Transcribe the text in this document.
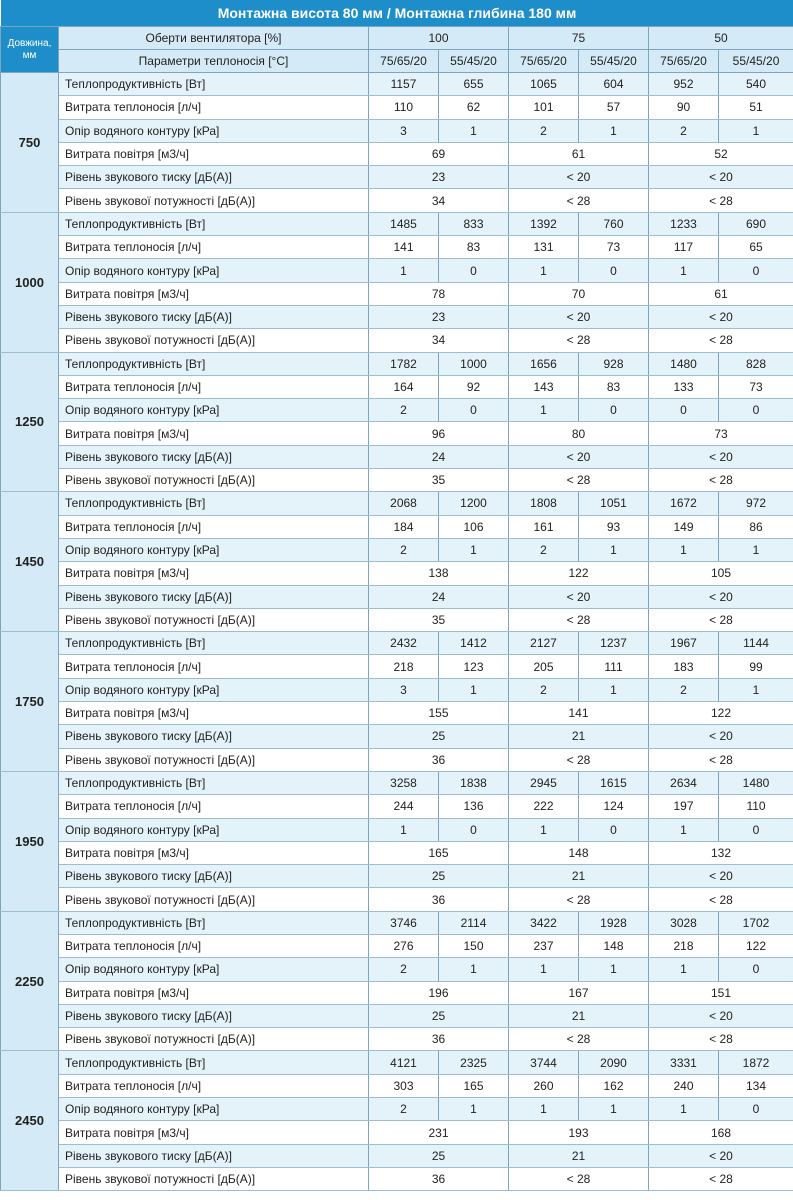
Монтажна висота 80 мм / Монтажна глибина 180 мм							
Довжина, мм	Оберти вентилятора [%]	100		75		50	
	Параметри теплоносія [°C]	75/65/20	55/45/20	75/65/20	55/45/20	75/65/20	55/45/20
750	Теплопродуктивність [Вт]	1157	655	1065	604	952	540
	Витрата теплоносія [л/ч]	110	62	101	57	90	51
	Опір водяного контуру [кРа]	3	1	2	1	2	1
	Витрата повітря [м3/ч]	69		61		52	
	Рівень звукового тиску [дБ(А)]	23		< 20		< 20	
	Рівень звукової потужності [дБ(А)]	34		< 28		< 28	
1000	Теплопродуктивність [Вт]	1485	833	1392	760	1233	690
	Витрата теплоносія [л/ч]	141	83	131	73	117	65
	Опір водяного контуру [кРа]	1	0	1	0	1	0
	Витрата повітря [м3/ч]	78		70		61	
	Рівень звукового тиску [дБ(А)]	23		< 20		< 20	
	Рівень звукової потужності [дБ(А)]	34		< 28		< 28	
1250	Теплопродуктивність [Вт]	1782	1000	1656	928	1480	828
	Витрата теплоносія [л/ч]	164	92	143	83	133	73
	Опір водяного контуру [кРа]	2	0	1	0	0	0
	Витрата повітря [м3/ч]	96		80		73	
	Рівень звукового тиску [дБ(А)]	24		< 20		< 20	
	Рівень звукової потужності [дБ(А)]	35		< 28		< 28	
1450	Теплопродуктивність [Вт]	2068	1200	1808	1051	1672	972
	Витрата теплоносія [л/ч]	184	106	161	93	149	86
	Опір водяного контуру [кРа]	2	1	2	1	1	1
	Витрата повітря [м3/ч]	138		122		105	
	Рівень звукового тиску [дБ(А)]	24		< 20		< 20	
	Рівень звукової потужності [дБ(А)]	35		< 28		< 28	
1750	Теплопродуктивність [Вт]	2432	1412	2127	1237	1967	1144
	Витрата теплоносія [л/ч]	218	123	205	111	183	99
	Опір водяного контуру [кРа]	3	1	2	1	2	1
	Витрата повітря [м3/ч]	155		141		122	
	Рівень звукового тиску [дБ(А)]	25		21		< 20	
	Рівень звукової потужності [дБ(А)]	36		< 28		< 28	
1950	Теплопродуктивність [Вт]	3258	1838	2945	1615	2634	1480
	Витрата теплоносія [л/ч]	244	136	222	124	197	110
	Опір водяного контуру [кРа]	1	0	1	0	1	0
	Витрата повітря [м3/ч]	165		148		132	
	Рівень звукового тиску [дБ(А)]	25		21		< 20	
	Рівень звукової потужності [дБ(А)]	36		< 28		< 28	
2250	Теплопродуктивність [Вт]	3746	2114	3422	1928	3028	1702
	Витрата теплоносія [л/ч]	276	150	237	148	218	122
	Опір водяного контуру [кРа]	2	1	1	1	1	0
	Витрата повітря [м3/ч]	196		167		151	
	Рівень звукового тиску [дБ(А)]	25		21		< 20	
	Рівень звукової потужності [дБ(А)]	36		< 28		< 28	
2450	Теплопродуктивність [Вт]	4121	2325	3744	2090	3331	1872
	Витрата теплоносія [л/ч]	303	165	260	162	240	134
	Опір водяного контуру [кРа]	2	1	1	1	1	0
	Витрата повітря [м3/ч]	231		193		168	
	Рівень звукового тиску [дБ(А)]	25		21		< 20	
	Рівень звукової потужності [дБ(А)]	36		< 28		< 28	
